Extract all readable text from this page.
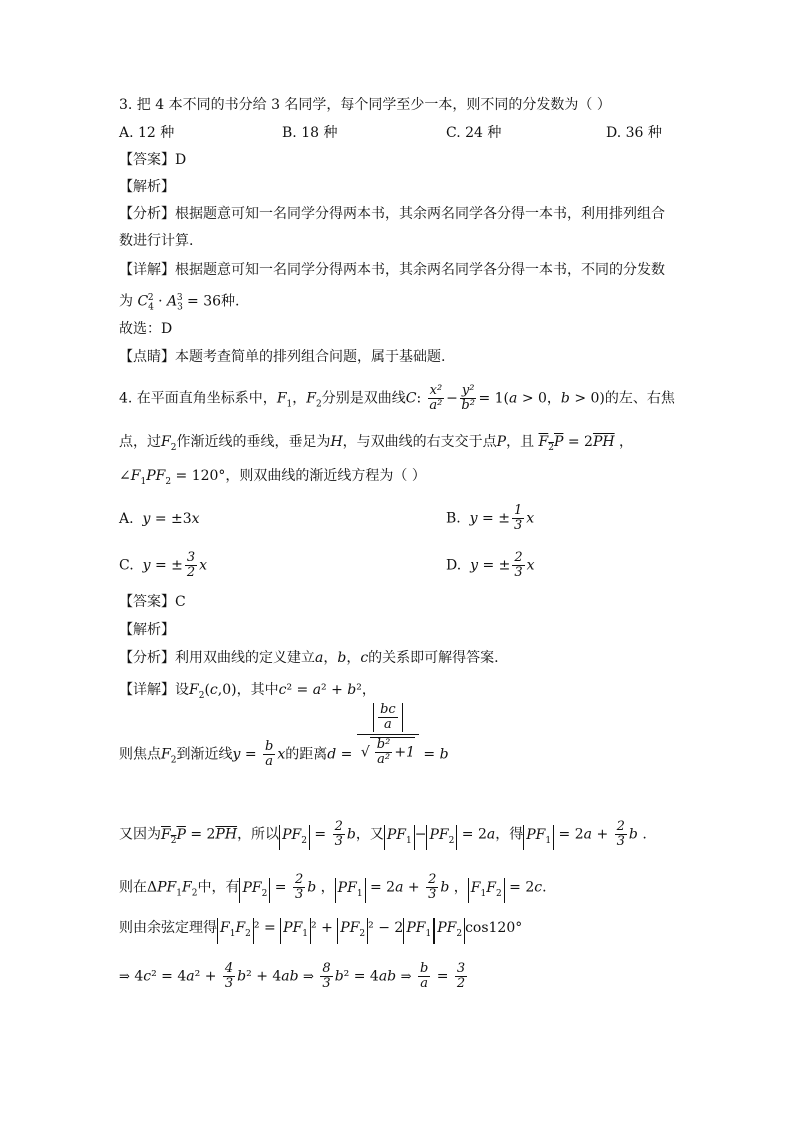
3. 把 4 本不同的书分给 3 名同学，每个同学至少一本，则不同的分发数为（ ）
A. 12 种	B. 18 种	C. 24 种	D. 36 种
【答案】D
【解析】
【分析】根据题意可知一名同学分得两本书，其余两名同学各分得一本书，利用排列组合
数进行计算.
【详解】根据题意可知一名同学分得两本书，其余两名同学各分得一本书，不同的分发数
为 $C_4^2 \cdot A_3^3 = 36$种.
故选：D
【点睛】本题考查简单的排列组合问题，属于基础题.
4. 在平面直角坐标系中，$F_1$，$F_2$分别是双曲线C: $\frac{\text{x²}}{\text{a²}} - \frac{\text{y²}}{\text{b²}} = 1(a > 0$，b > 0)的左、右焦
点，过$F_2$作渐近线的垂线，垂足为H，与双曲线的右支交于点P，且 $F_2P = 2\overline{PH}$ ，
$\angle F_1PF_2 = 120^\circ$，则双曲线的渐近线方程为（ ）
A. y = ±3x	B. y = ± $\frac{1}{3}$ x
C. y = ± $\frac{3}{2}$ x	D. y = ± $\frac{2}{3}$ x
【答案】C
【解析】
【分析】利用双曲线的定义建立a，b，c的关系即可解得答案.
【详解】设$F_2(c,0)$，其中c² = a² + b²，
则焦点$F_2$到渐近线$y = \frac{b}{a}$ x的距离$d = \frac{\frac{bc}{a}}{√ \frac{\text{b²}}{\text{a²}} +1} = b$
又因为$F_2P = 2\overline{PH}$，所以 $PF_2 = \frac{2}{3}$ b，又 $PF_1 - PF_2 = 2a$，得 $PF_1 = 2a + \frac{2}{3}$ b .
则在$\Delta PF_1F_2$中，有 $PF_2 = \frac{2}{3}$ b ， $PF_1 = 2a + \frac{2}{3}$ b ， $F_1F_2 = 2c$.
则由余弦定理得 $F_1F_2$ $^2 = PF_1$ $^2 + PF_2$ ² − 2 $PF_1$ $PF_2$ cos120°
⇒ $4c^2 = 4a^2 + \frac{4}{3} b^2 + 4ab$ ⇒ $\frac{8}{3} b^2 = 4ab$ ⇒ $\frac{b}{a} = \frac{3}{2}$
